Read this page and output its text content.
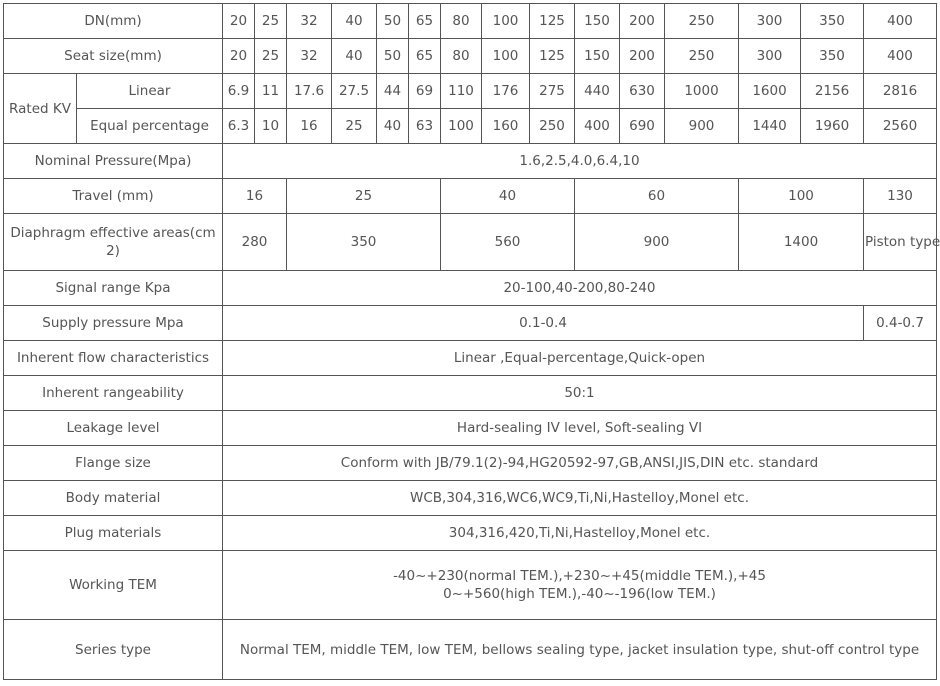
DN(mm)		20	25	32	40	50	65	80	100	125	150	200	250	300	350	400
Seat size(mm)		20	25	32	40	50	65	80	100	125	150	200	250	300	350	400
Rated KV	Linear	6.9	11	17.6	27.5	44	69	110	176	275	440	630	1000	1600	2156	2816
	Equal percentage	6.3	10	16	25	40	63	100	160	250	400	690	900	1440	1960	2560
Nominal Pressure(Mpa)		1.6,2.5,4.0,6.4,10														
Travel (mm)		16		25				40			60			100		130
Diaphragm effective areas(cm2)		280		350				560			900			1400		Piston type
Signal range Kpa		20-100,40-200,80-240														
Supply pressure Mpa		0.1-0.4														0.4-0.7
Inherent flow characteristics		Linear ,Equal-percentage,Quick-open														
Inherent rangeability		50:1														
Leakage level		Hard-sealing IV level, Soft-sealing VI														
Flange size		Conform with JB/79.1(2)-94,HG20592-97,GB,ANSI,JIS,DIN etc. standard														
Body material		WCB,304,316,WC6,WC9,Ti,Ni,Hastelloy,Monel etc.														
Plug materials		304,316,420,Ti,Ni,Hastelloy,Monel etc.														
Working TEM		-40~+230(normal TEM.),+230~+45(middle TEM.),+450~+560(high TEM.),-40~-196(low TEM.)														
Series type		Normal TEM, middle TEM, low TEM, bellows sealing type, jacket insulation type, shut-off control type														
